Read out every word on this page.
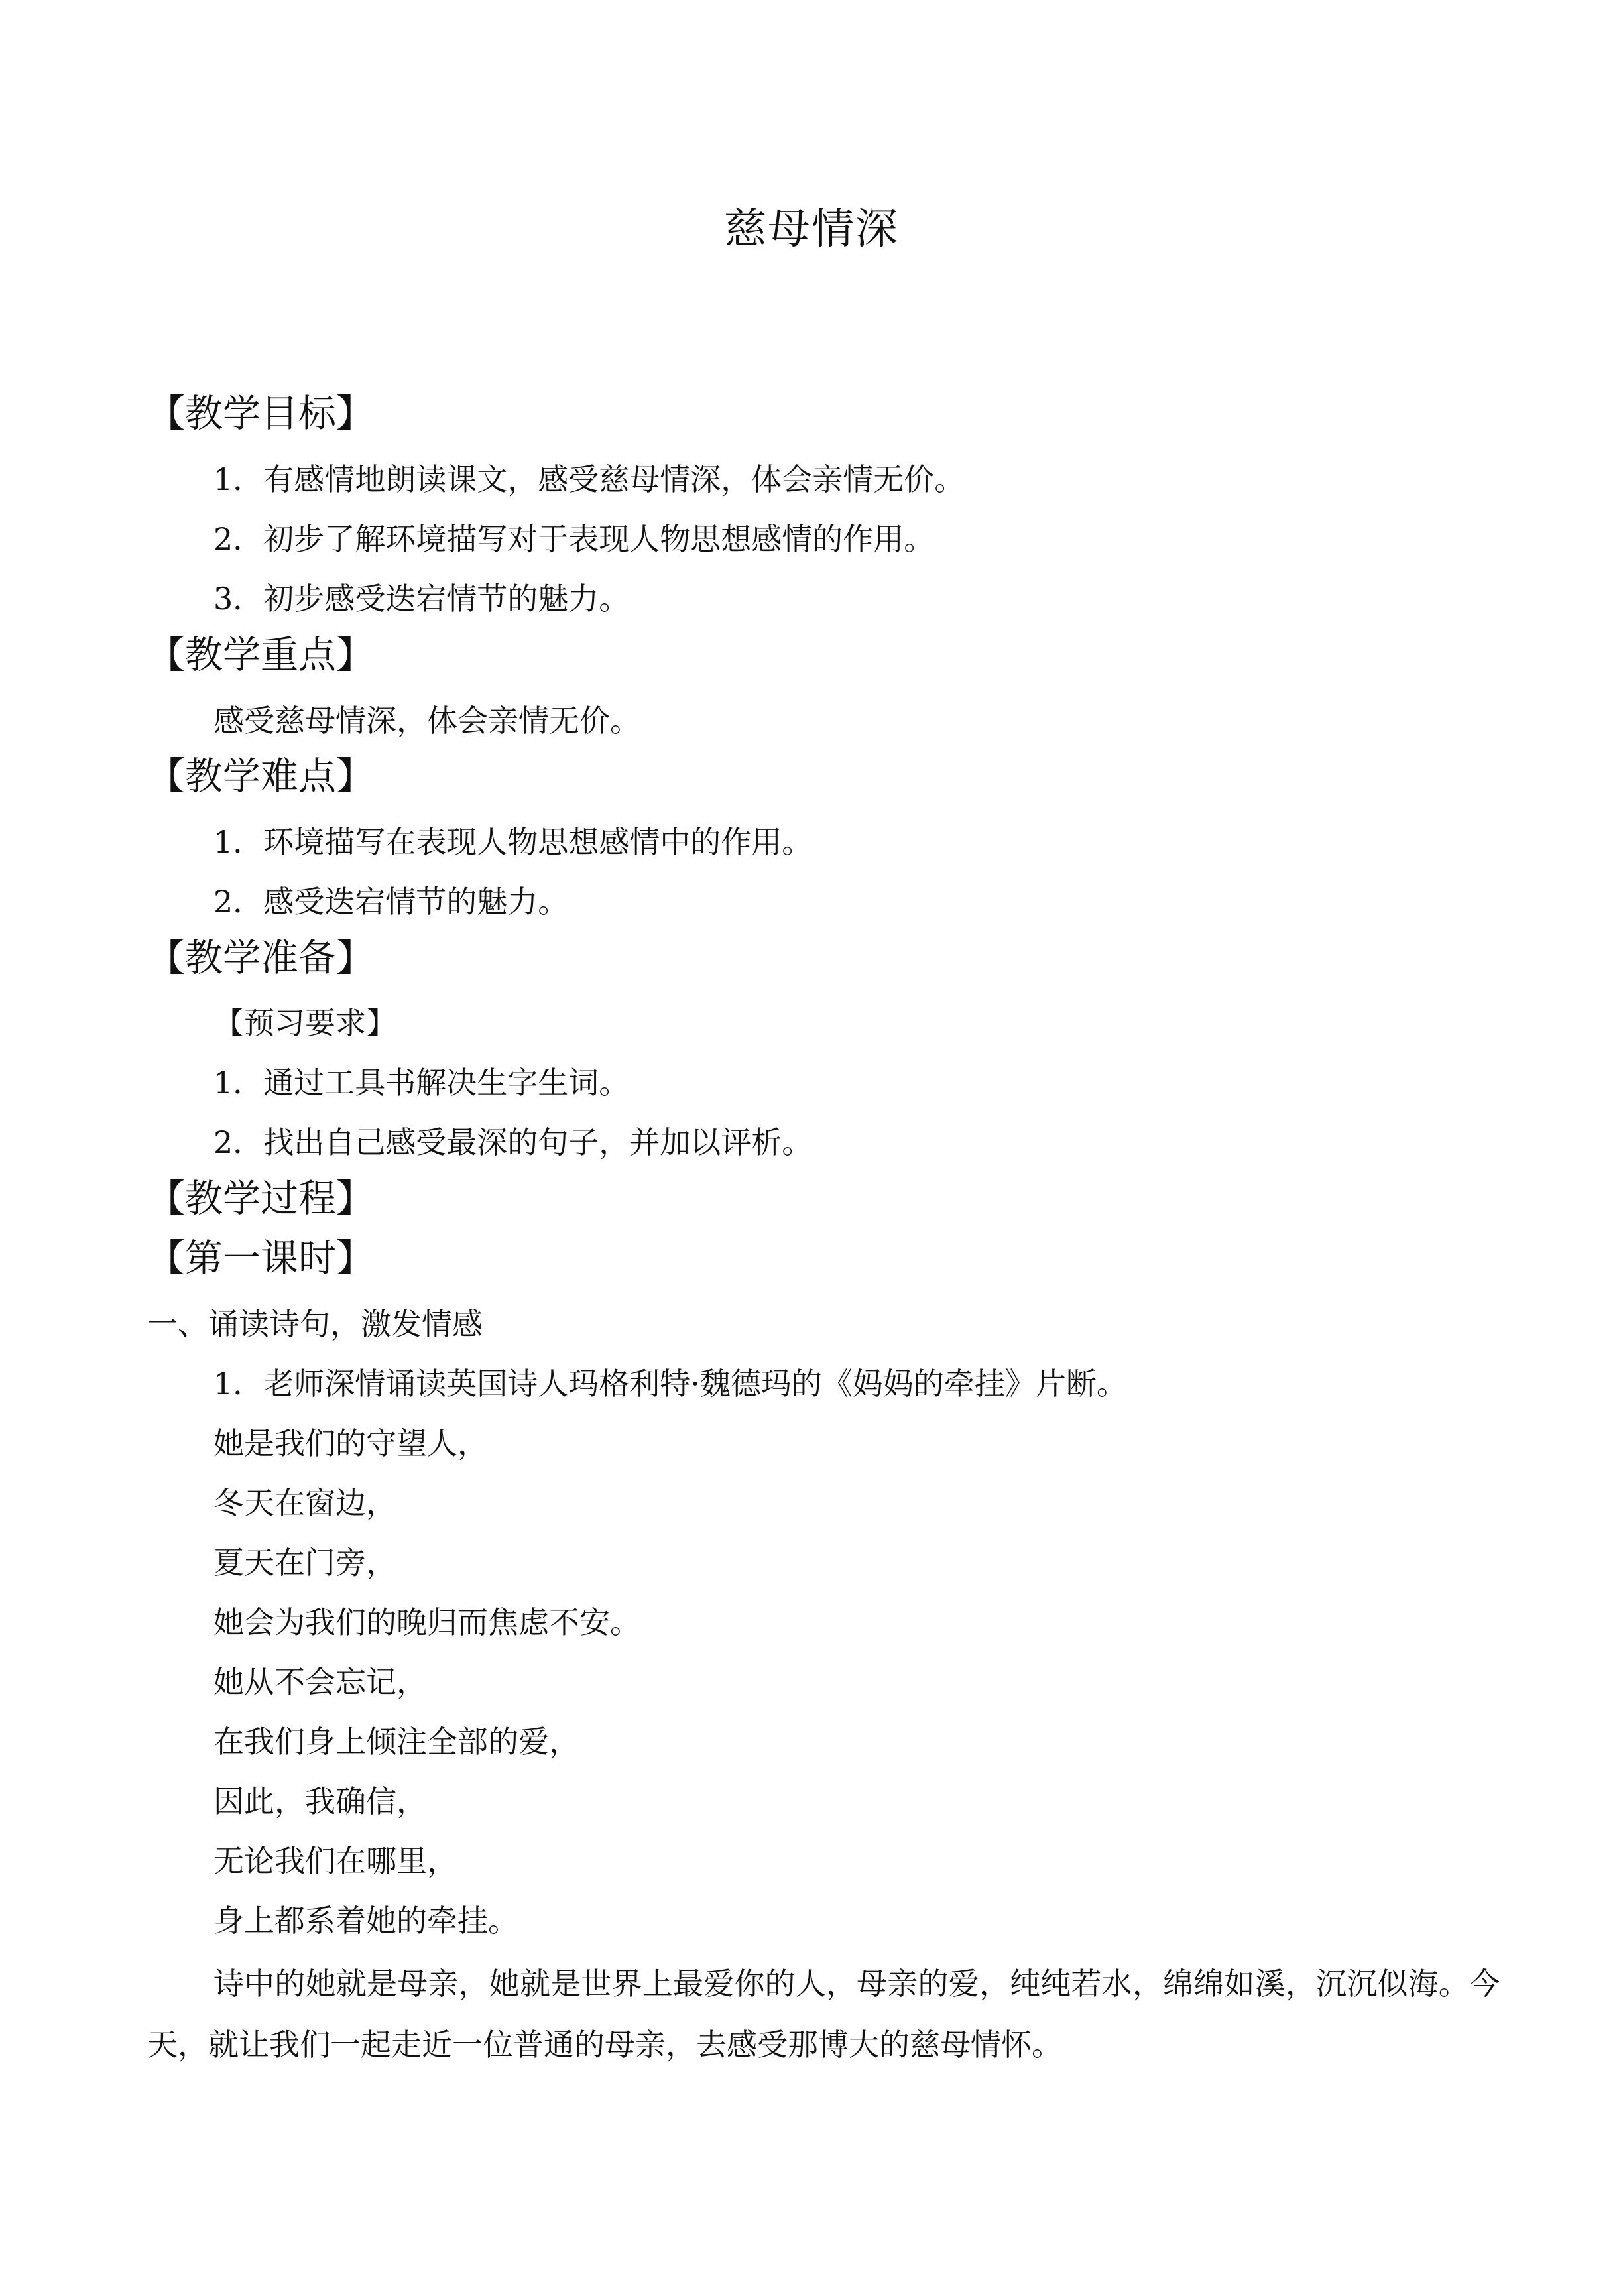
慈母情深
【教学目标】
1．有感情地朗读课文，感受慈母情深，体会亲情无价。
2．初步了解环境描写对于表现人物思想感情的作用。
3．初步感受迭宕情节的魅力。
【教学重点】
感受慈母情深，体会亲情无价。
【教学难点】
1．环境描写在表现人物思想感情中的作用。
2．感受迭宕情节的魅力。
【教学准备】
【预习要求】
1．通过工具书解决生字生词。
2．找出自己感受最深的句子，并加以评析。
【教学过程】
【第一课时】
一、诵读诗句，激发情感
1．老师深情诵读英国诗人玛格利特·魏德玛的《妈妈的牵挂》片断。
她是我们的守望人，
冬天在窗边，
夏天在门旁，
她会为我们的晚归而焦虑不安。
她从不会忘记，
在我们身上倾注全部的爱，
因此，我确信，
无论我们在哪里，
身上都系着她的牵挂。
诗中的她就是母亲，她就是世界上最爱你的人，母亲的爱，纯纯若水，绵绵如溪，沉沉似海。今天，就让我们一起走近一位普通的母亲，去感受那博大的慈母情怀。
